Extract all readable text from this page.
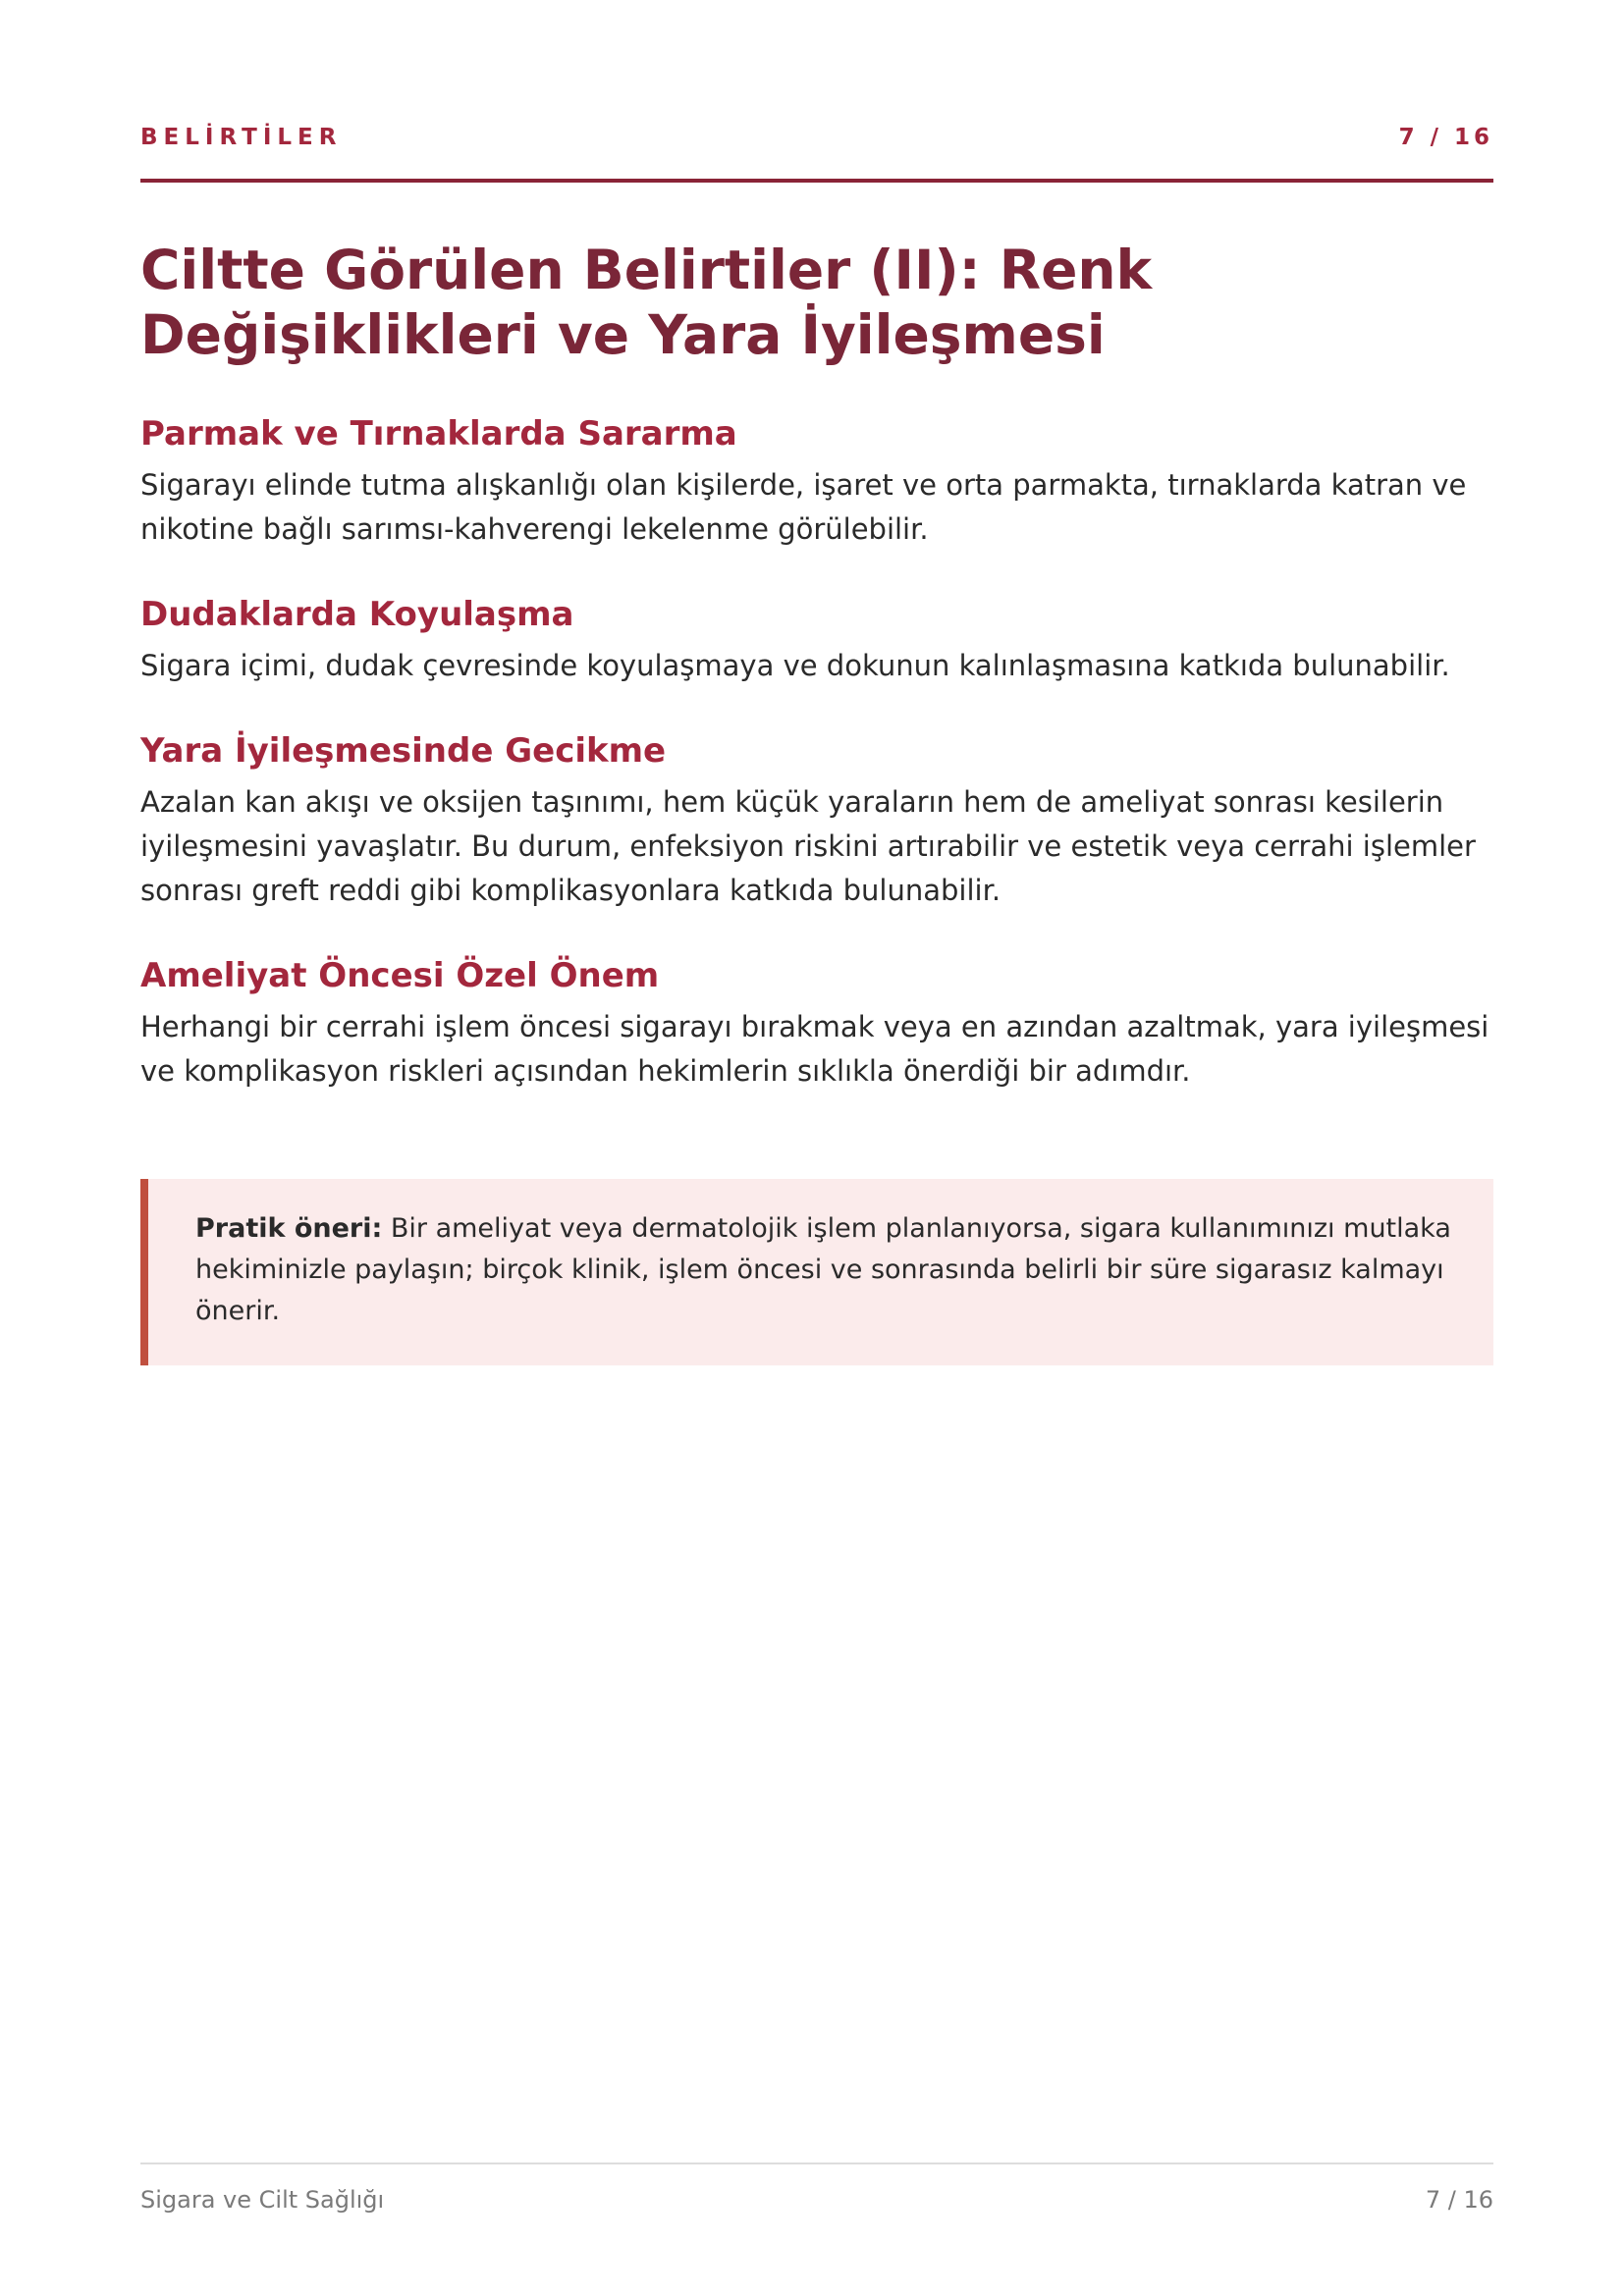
BELİRTİLER	7 / 16
Ciltte Görülen Belirtiler (II): Renk Değişiklikleri ve Yara İyileşmesi
Parmak ve Tırnaklarda Sararma

Sigarayı elinde tutma alışkanlığı olan kişilerde, işaret ve orta parmakta, tırnaklarda katran ve nikotine bağlı sarımsı-kahverengi lekelenme görülebilir.

Dudaklarda Koyulaşma

Sigara içimi, dudak çevresinde koyulaşmaya ve dokunun kalınlaşmasına katkıda bulunabilir.

Yara İyileşmesinde Gecikme

Azalan kan akışı ve oksijen taşınımı, hem küçük yaraların hem de ameliyat sonrası kesilerin iyileşmesini yavaşlatır. Bu durum, enfeksiyon riskini artırabilir ve estetik veya cerrahi işlemler sonrası greft reddi gibi komplikasyonlara katkıda bulunabilir.

Ameliyat Öncesi Özel Önem

Herhangi bir cerrahi işlem öncesi sigarayı bırakmak veya en azından azaltmak, yara iyileşmesi ve komplikasyon riskleri açısından hekimlerin sıklıkla önerdiği bir adımdır.

Pratik öneri: Bir ameliyat veya dermatolojik işlem planlanıyorsa, sigara kullanımınızı mutlaka hekiminizle paylaşın; birçok klinik, işlem öncesi ve sonrasında belirli bir süre sigarasız kalmayı önerir.
Sigara ve Cilt Sağlığı	7 / 16
